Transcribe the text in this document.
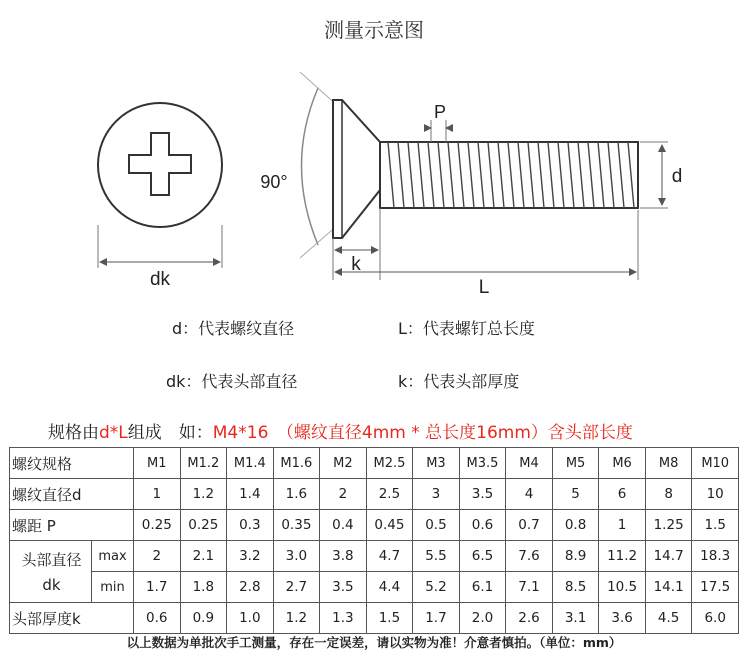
测量示意图
dk
90°
P
d
k
L
d：代表螺纹直径	L：代表螺钉总长度
dk：代表头部直径	k：代表头部厚度
规格由d*L组成　如：M4*16　（螺纹直径4mm * 总长度16mm）含头部长度
螺纹规格		M1	M1.2	M1.4	M1.6	M2	M2.5	M3	M3.5	M4	M5	M6	M8	M10
螺纹直径d		1	1.2	1.4	1.6	2	2.5	3	3.5	4	5	6	8	10
螺距 P		0.25	0.25	0.3	0.35	0.4	0.45	0.5	0.6	0.7	0.8	1	1.25	1.5

头部直径
dk	max	2	2.1	3.2	3.0	3.8	4.7	5.5	6.5	7.6	8.9	11.2	14.7	18.3
	min	1.7	1.8	2.8	2.7	3.5	4.4	5.2	6.1	7.1	8.5	10.5	14.1	17.5
头部厚度k		0.6	0.9	1.0	1.2	1.3	1.5	1.7	2.0	2.6	3.1	3.6	4.5	6.0
以上数据为单批次手工测量，存在一定误差，请以实物为准！介意者慎拍。（单位：mm）
